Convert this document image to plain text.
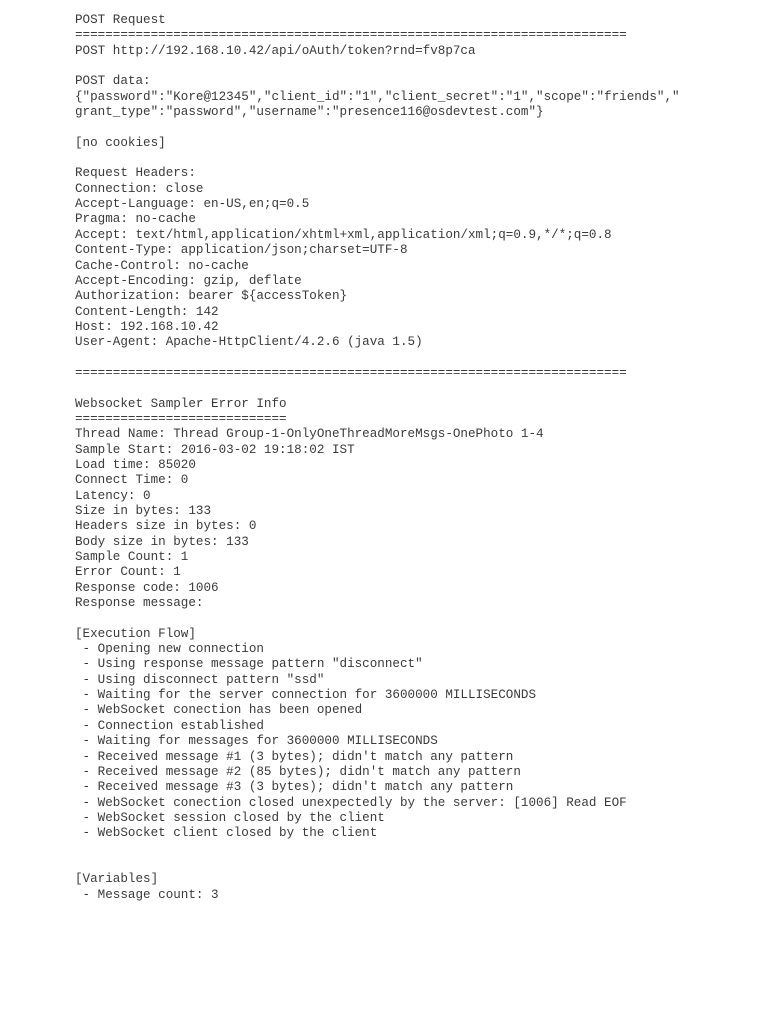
POST Request
=========================================================================
POST http://192.168.10.42/api/oAuth/token?rnd=fv8p7ca
POST data:
{"password":"Kore@12345","client_id":"1","client_secret":"1","scope":"friends","
grant_type":"password","username":"presence116@osdevtest.com"}
[no cookies]
Request Headers:
Connection: close
Accept-Language: en-US,en;q=0.5
Pragma: no-cache
Accept: text/html,application/xhtml+xml,application/xml;q=0.9,*/*;q=0.8
Content-Type: application/json;charset=UTF-8
Cache-Control: no-cache
Accept-Encoding: gzip, deflate
Authorization: bearer ${accessToken}
Content-Length: 142
Host: 192.168.10.42
User-Agent: Apache-HttpClient/4.2.6 (java 1.5)
=========================================================================
Websocket Sampler Error Info
============================
Thread Name: Thread Group-1-OnlyOneThreadMoreMsgs-OnePhoto 1-4
Sample Start: 2016-03-02 19:18:02 IST
Load time: 85020
Connect Time: 0
Latency: 0
Size in bytes: 133
Headers size in bytes: 0
Body size in bytes: 133
Sample Count: 1
Error Count: 1
Response code: 1006
Response message:
[Execution Flow]
- Opening new connection
- Using response message pattern "disconnect"
- Using disconnect pattern "ssd"
- Waiting for the server connection for 3600000 MILLISECONDS
- WebSocket conection has been opened
- Connection established
- Waiting for messages for 3600000 MILLISECONDS
- Received message #1 (3 bytes); didn't match any pattern
- Received message #2 (85 bytes); didn't match any pattern
- Received message #3 (3 bytes); didn't match any pattern
- WebSocket conection closed unexpectedly by the server: [1006] Read EOF
- WebSocket session closed by the client
- WebSocket client closed by the client
[Variables]
- Message count: 3
